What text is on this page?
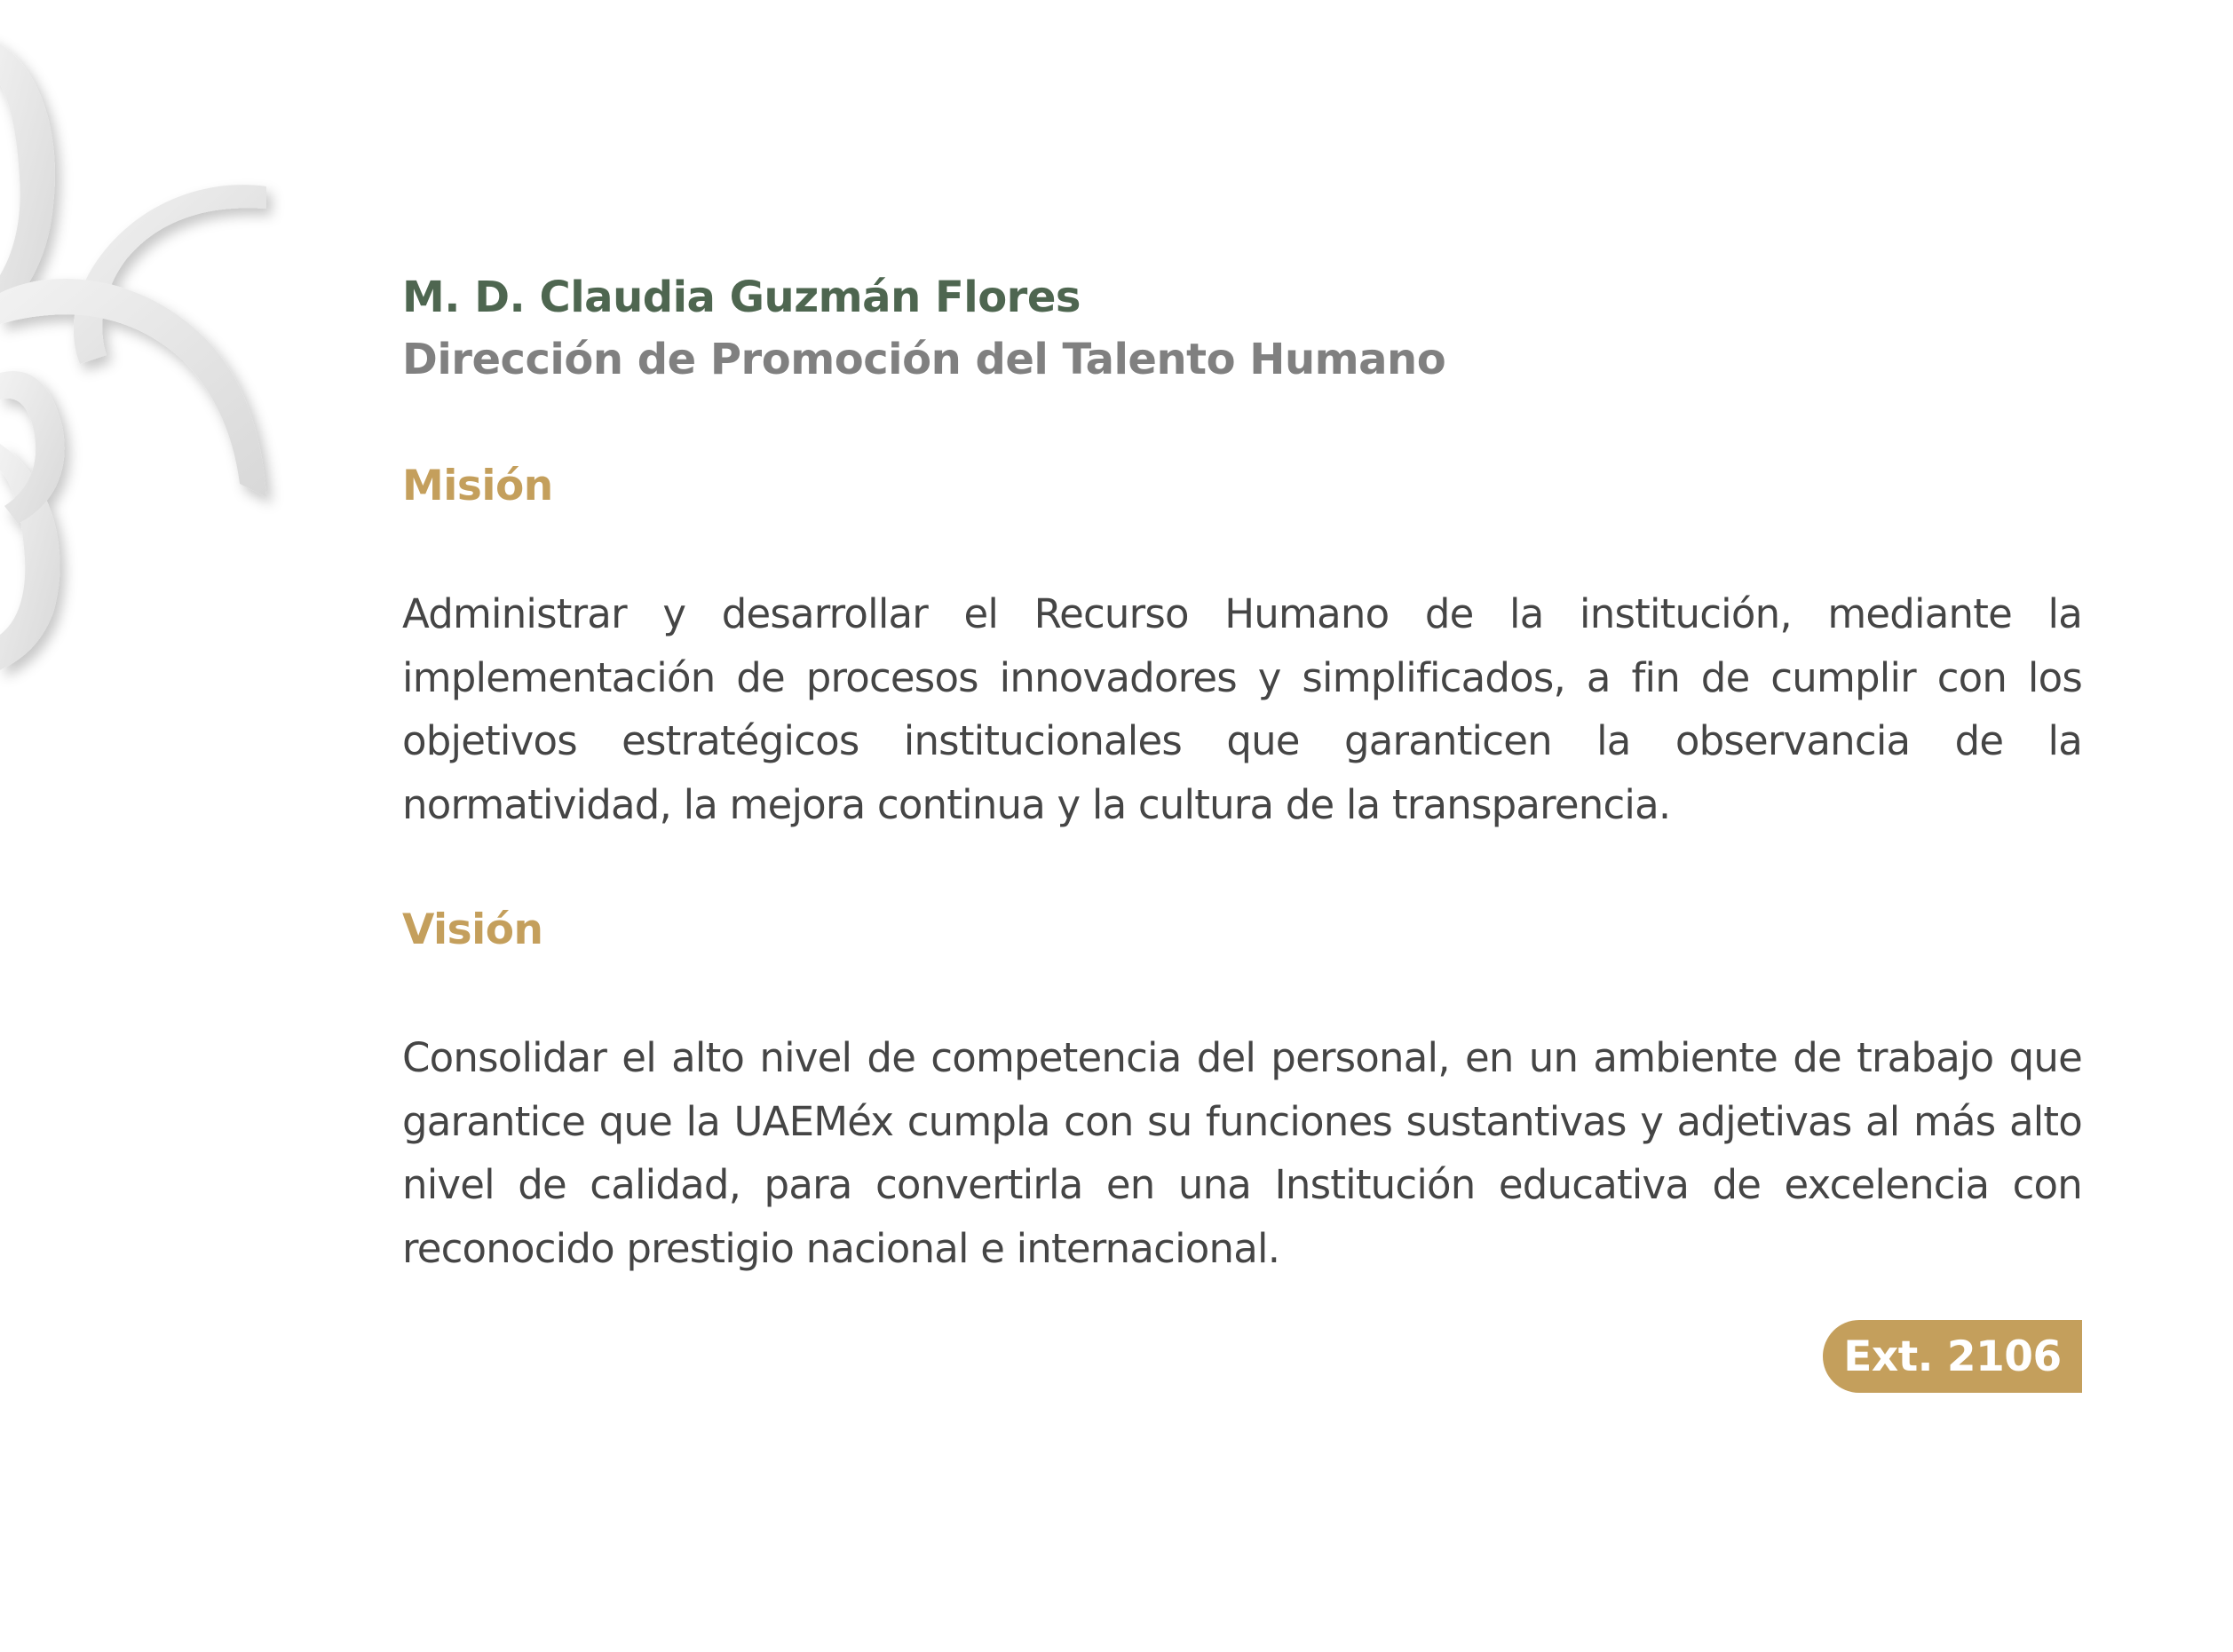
M. D. Claudia Guzmán Flores
Dirección de Promoción del Talento Humano
Misión
Administrar y desarrollar el Recurso Humano de la institución, mediante la implementación de procesos innovadores y simplificados, a fin de cumplir con los objetivos estratégicos institucionales que garanticen la observancia de la normatividad, la mejora continua y la cultura de la transparencia.
Visión
Consolidar el alto nivel de competencia del personal, en un ambiente de trabajo que garantice que la UAEMéx cumpla con su funciones sustantivas y adjetivas al más alto nivel de calidad, para convertirla en una Institución educativa de excelencia con reconocido prestigio nacional e internacional.
Ext. 2106
